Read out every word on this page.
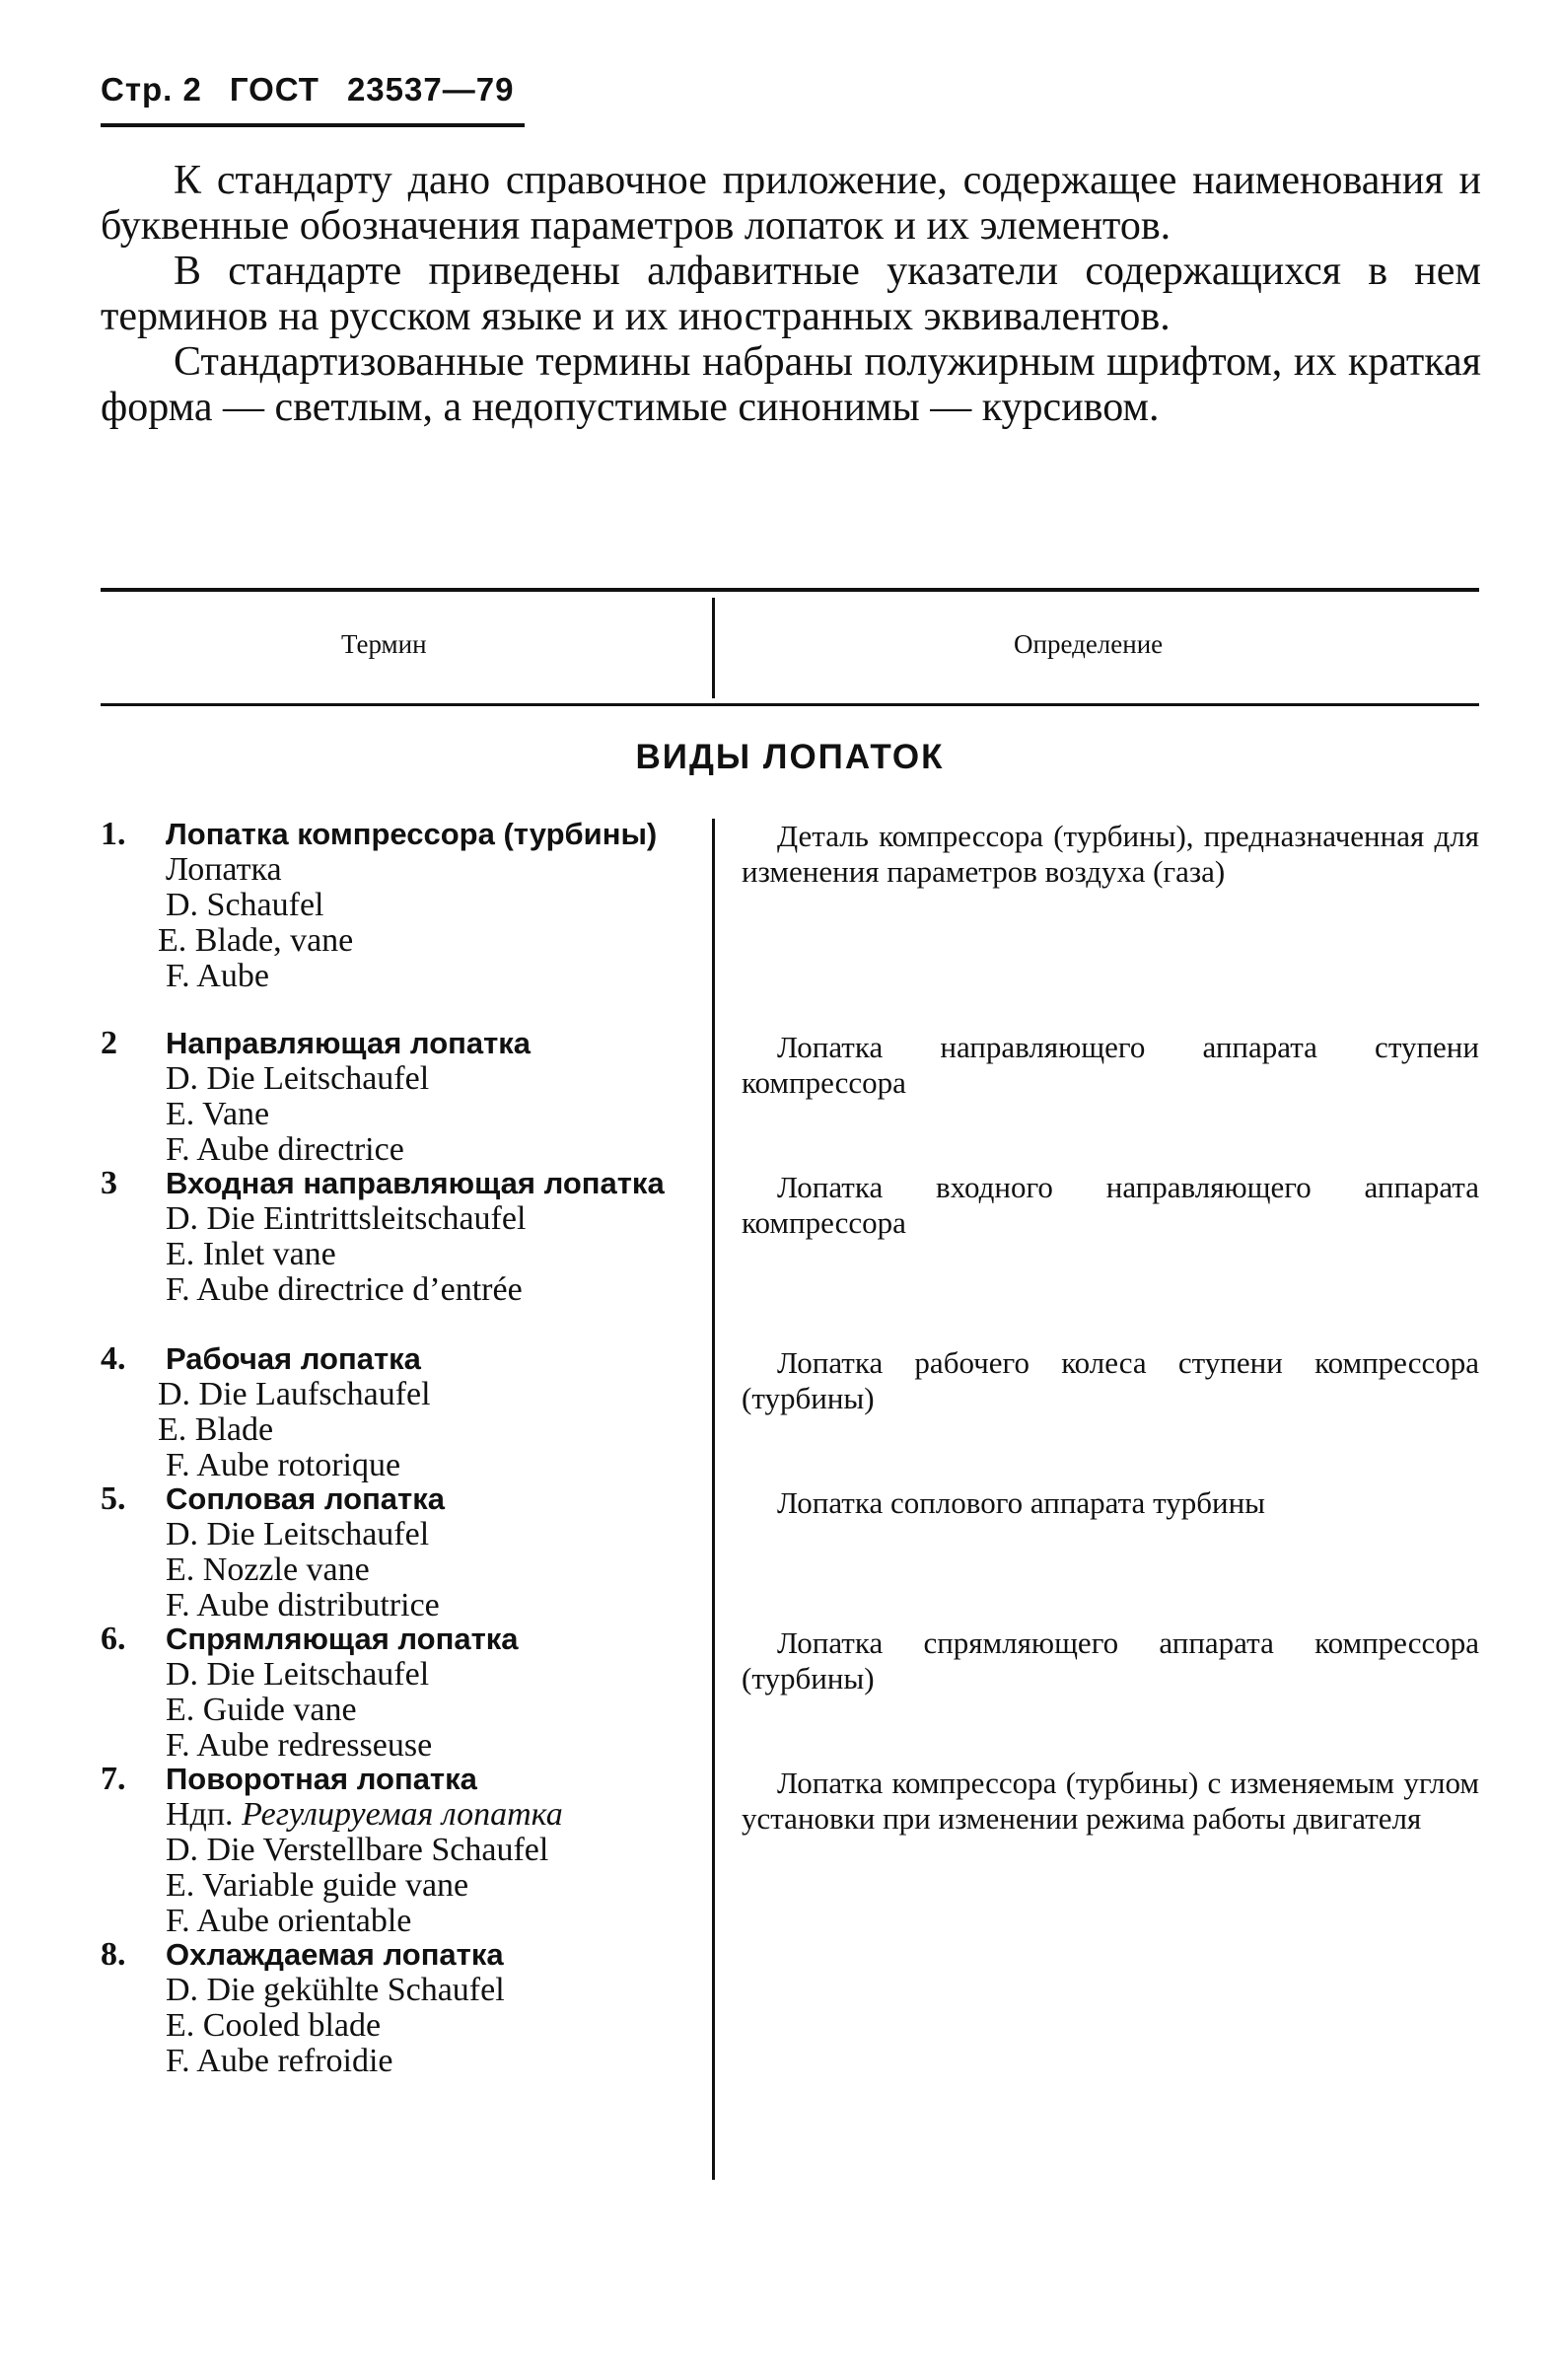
Стр. 2 ГОСТ 23537—79

К стандарту дано справочное приложение, содержащее наименования и буквенные обозначения параметров лопаток и их элементов.

В стандарте приведены алфавитные указатели содержащихся в нем терминов на русском языке и их иностранных эквивалентов.

Стандартизованные термины набраны полужирным шрифтом, их краткая форма — светлым, а недопустимые синонимы — курсивом.

Термин	Определение
ВИДЫ ЛОПАТОК
1. Лопатка компрессора (турбины)
Лопатка
D. Schaufel
E. Blade, vane
F. Aube
Деталь компрессора (турбины), предназначенная для изменения параметров воздуха (газа)
2 Направляющая лопатка
D. Die Leitschaufel
E. Vane
F. Aube directrice
Лопатка направляющего аппарата ступени компрессора
3 Входная направляющая лопатка
D. Die Eintrittsleitschaufel
E. Inlet vane
F. Aube directrice d’entrée
Лопатка входного направляющего аппарата компрессора
4. Рабочая лопатка
D. Die Laufschaufel
E. Blade
F. Aube rotorique
Лопатка рабочего колеса ступени компрессора (турбины)
5. Сопловая лопатка
D. Die Leitschaufel
E. Nozzle vane
F. Aube distributrice
Лопатка соплового аппарата турбины
6. Спрямляющая лопатка
D. Die Leitschaufel
E. Guide vane
F. Aube redresseuse
Лопатка спрямляющего аппарата компрессора (турбины)
7. Поворотная лопатка
Ндп. Регулируемая лопатка
D. Die Verstellbare Schaufel
E. Variable guide vane
F. Aube orientable
Лопатка компрессора (турбины) с изменяемым углом установки при изменении режима работы двигателя
8. Охлаждаемая лопатка
D. Die gekühlte Schaufel
E. Cooled blade
F. Aube refroidie
